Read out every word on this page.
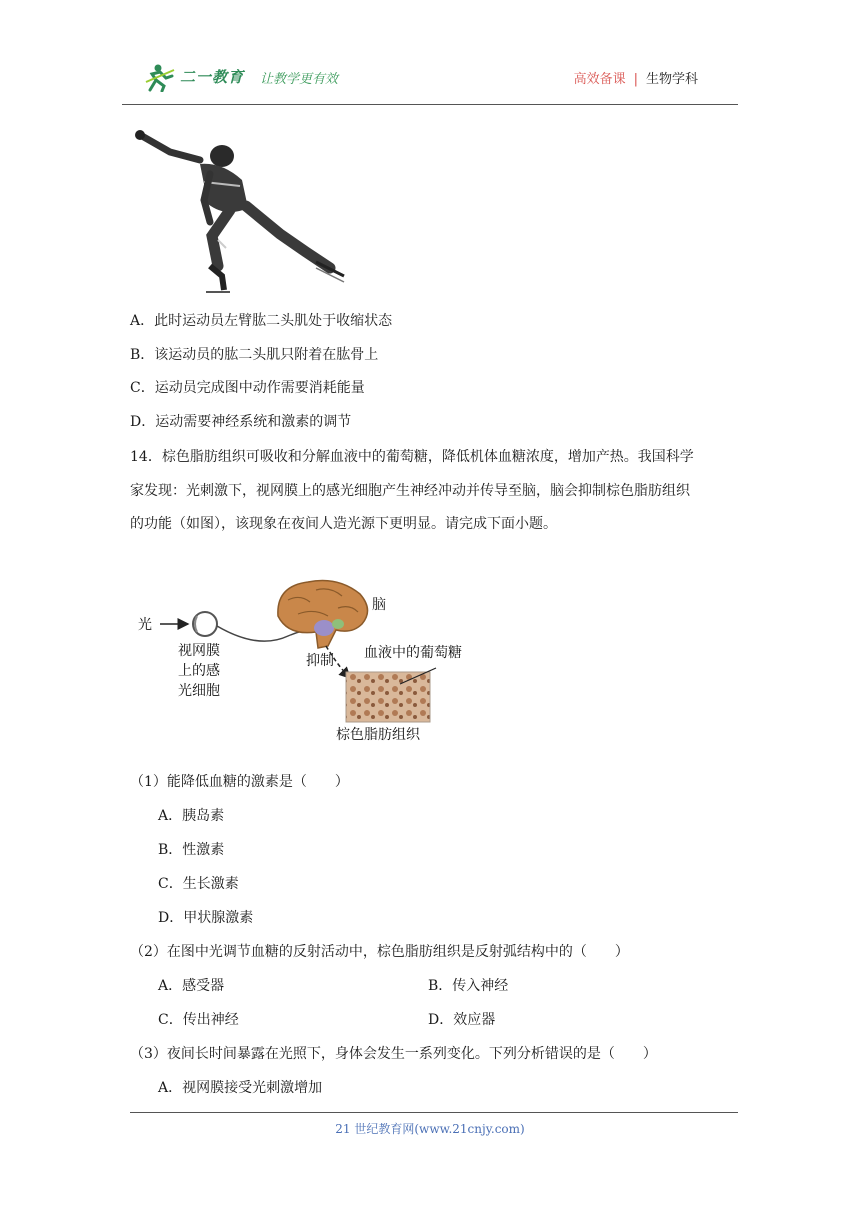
二一教育 让教学更有效	高效备课 | 生物学科
A．此时运动员左臂肱二头肌处于收缩状态
B．该运动员的肱二头肌只附着在肱骨上
C．运动员完成图中动作需要消耗能量
D．运动需要神经系统和激素的调节
14．棕色脂肪组织可吸收和分解血液中的葡萄糖，降低机体血糖浓度，增加产热。我国科学
家发现：光刺激下，视网膜上的感光细胞产生神经冲动并传导至脑，脑会抑制棕色脂肪组织
的功能（如图），该现象在夜间人造光源下更明显。请完成下面小题。
光
视网膜
上的感
光细胞
脑
抑制 血液中的葡萄糖
棕色脂肪组织
（1）能降低血糖的激素是（　　）
A．胰岛素
B．性激素
C．生长激素
D．甲状腺激素
（2）在图中光调节血糖的反射活动中，棕色脂肪组织是反射弧结构中的（　　）
A．感受器	B．传入神经
C．传出神经	D．效应器
（3）夜间长时间暴露在光照下，身体会发生一系列变化。下列分析错误的是（　　）
A．视网膜接受光刺激增加
21 世纪教育网(www.21cnjy.com)
